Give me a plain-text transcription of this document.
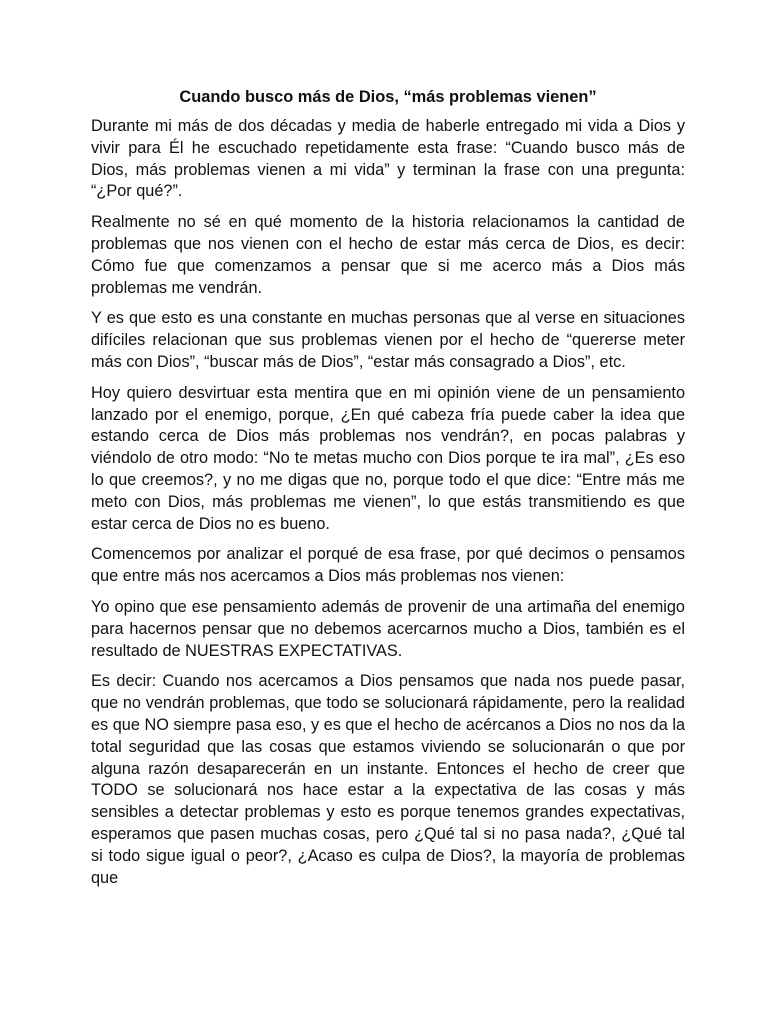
Cuando busco más de Dios, “más problemas vienen”

Durante mi más de dos décadas y media de haberle entregado mi vida a Dios y vivir para Él he escuchado repetidamente esta frase: “Cuando busco más de Dios, más problemas vienen a mi vida” y terminan la frase con una pregunta: “¿Por qué?”.

Realmente no sé en qué momento de la historia relacionamos la cantidad de problemas que nos vienen con el hecho de estar más cerca de Dios, es decir: Cómo fue que comenzamos a pensar que si me acerco más a Dios más problemas me vendrán.

Y es que esto es una constante en muchas personas que al verse en situaciones difíciles relacionan que sus problemas vienen por el hecho de “quererse meter más con Dios”, “buscar más de Dios”, “estar más consagrado a Dios”, etc.

Hoy quiero desvirtuar esta mentira que en mi opinión viene de un pensamiento lanzado por el enemigo, porque, ¿En qué cabeza fría puede caber la idea que estando cerca de Dios más problemas nos vendrán?, en pocas palabras y viéndolo de otro modo: “No te metas mucho con Dios porque te ira mal”, ¿Es eso lo que creemos?, y no me digas que no, porque todo el que dice: “Entre más me meto con Dios, más problemas me vienen”, lo que estás transmitiendo es que estar cerca de Dios no es bueno.

Comencemos por analizar el porqué de esa frase, por qué decimos o pensamos que entre más nos acercamos a Dios más problemas nos vienen:

Yo opino que ese pensamiento además de provenir de una artimaña del enemigo para hacernos pensar que no debemos acercarnos mucho a Dios, también es el resultado de NUESTRAS EXPECTATIVAS.

Es decir: Cuando nos acercamos a Dios pensamos que nada nos puede pasar, que no vendrán problemas, que todo se solucionará rápidamente, pero la realidad es que NO siempre pasa eso, y es que el hecho de acércanos a Dios no nos da la total seguridad que las cosas que estamos viviendo se solucionarán o que por alguna razón desaparecerán en un instante. Entonces el hecho de creer que TODO se solucionará nos hace estar a la expectativa de las cosas y más sensibles a detectar problemas y esto es porque tenemos grandes expectativas, esperamos que pasen muchas cosas, pero ¿Qué tal si no pasa nada?, ¿Qué tal si todo sigue igual o peor?, ¿Acaso es culpa de Dios?, la mayoría de problemas que
